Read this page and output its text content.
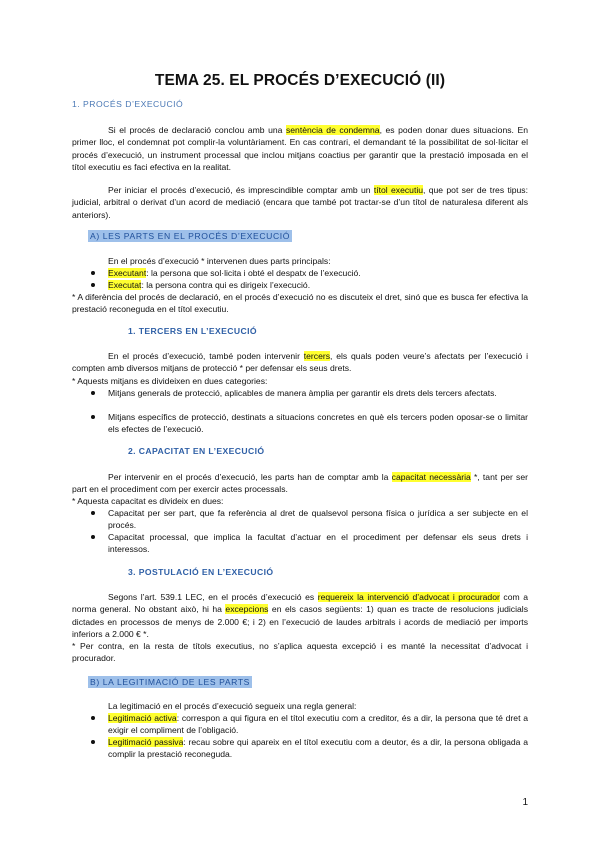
TEMA 25. EL PROCÉS D’EXECUCIÓ (II)

1. PROCÉS D’EXECUCIÓ

Si el procés de declaració conclou amb una sentència de condemna, es poden donar dues situacions. En primer lloc, el condemnat pot complir-la voluntàriament. En cas contrari, el demandant té la possibilitat de sol·licitar el procés d’execució, un instrument processal que inclou mitjans coactius per garantir que la prestació imposada en el títol executiu es faci efectiva en la realitat.

Per iniciar el procés d’execució, és imprescindible comptar amb un títol executiu, que pot ser de tres tipus: judicial, arbitral o derivat d’un acord de mediació (encara que també pot tractar-se d’un títol de naturalesa diferent als anteriors).

A) LES PARTS EN EL PROCÉS D’EXECUCIÓ

En el procés d’execució * intervenen dues parts principals:

Executant: la persona que sol·licita i obté el despatx de l’execució.

Executat: la persona contra qui es dirigeix l’execució.

* A diferència del procés de declaració, en el procés d’execució no es discuteix el dret, sinó que es busca fer efectiva la prestació reconeguda en el títol executiu.

1. TERCERS EN L’EXECUCIÓ

En el procés d’execució, també poden intervenir tercers, els quals poden veure’s afectats per l’execució i compten amb diversos mitjans de protecció * per defensar els seus drets.

* Aquests mitjans es divideixen en dues categories:

Mitjans generals de protecció, aplicables de manera àmplia per garantir els drets dels tercers afectats.

Mitjans específics de protecció, destinats a situacions concretes en què els tercers poden oposar-se o limitar els efectes de l’execució.

2. CAPACITAT EN L’EXECUCIÓ

Per intervenir en el procés d’execució, les parts han de comptar amb la capacitat necessària *, tant per ser part en el procediment com per exercir actes processals.

* Aquesta capacitat es divideix en dues:

Capacitat per ser part, que fa referència al dret de qualsevol persona física o jurídica a ser subjecte en el procés.

Capacitat processal, que implica la facultat d’actuar en el procediment per defensar els seus drets i interessos.

3. POSTULACIÓ EN L’EXECUCIÓ

Segons l’art. 539.1 LEC, en el procés d’execució es requereix la intervenció d’advocat i procurador com a norma general. No obstant això, hi ha excepcions en els casos següents: 1) quan es tracte de resolucions judicials dictades en processos de menys de 2.000 €; i 2) en l’execució de laudes arbitrals i acords de mediació per imports inferiors a 2.000 € *.

* Per contra, en la resta de títols executius, no s’aplica aquesta excepció i es manté la necessitat d’advocat i procurador.

B) LA LEGITIMACIÓ DE LES PARTS

La legitimació en el procés d’execució segueix una regla general:

Legitimació activa: correspon a qui figura en el títol executiu com a creditor, és a dir, la persona que té dret a exigir el compliment de l’obligació.

Legitimació passiva: recau sobre qui apareix en el títol executiu com a deutor, és a dir, la persona obligada a complir la prestació reconeguda.

1
